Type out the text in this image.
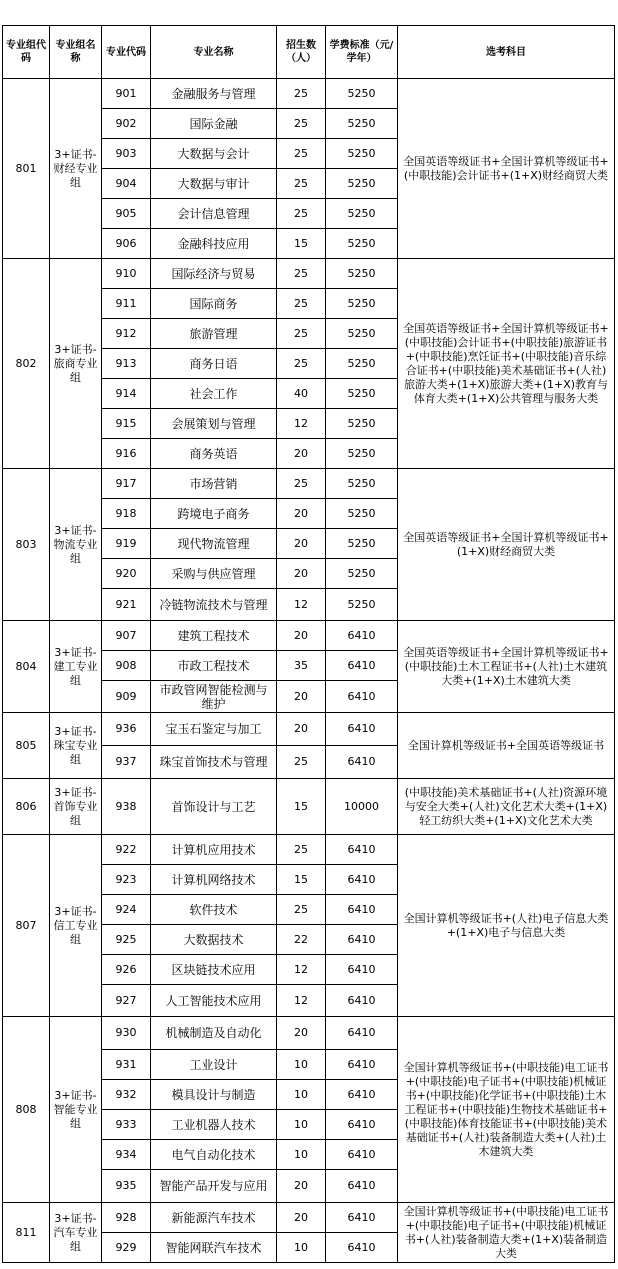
专业组代码	专业组名称	专业代码	专业名称	招生数（人）	学费标准（元/学年）	选考科目
801	3+证书-财经专业组	901	金融服务与管理	25	5250	全国英语等级证书+全国计算机等级证书+(中职技能)会计证书+(1+X)财经商贸大类
		902	国际金融	25	5250	
		903	大数据与会计	25	5250	
		904	大数据与审计	25	5250	
		905	会计信息管理	25	5250	
		906	金融科技应用	15	5250	
802	3+证书-旅商专业组	910	国际经济与贸易	25	5250	全国英语等级证书+全国计算机等级证书+(中职技能)会计证书+(中职技能)旅游证书+(中职技能)烹饪证书+(中职技能)音乐综合证书+(中职技能)美术基础证书+(人社)旅游大类+(1+X)旅游大类+(1+X)教育与体育大类+(1+X)公共管理与服务大类
		911	国际商务	25	5250	
		912	旅游管理	25	5250	
		913	商务日语	25	5250	
		914	社会工作	40	5250	
		915	会展策划与管理	12	5250	
		916	商务英语	20	5250	
803	3+证书-物流专业组	917	市场营销	25	5250	全国英语等级证书+全国计算机等级证书+(1+X)财经商贸大类
		918	跨境电子商务	20	5250	
		919	现代物流管理	20	5250	
		920	采购与供应管理	20	5250	
		921	冷链物流技术与管理	12	5250	
804	3+证书-建工专业组	907	建筑工程技术	20	6410	全国英语等级证书+全国计算机等级证书+(中职技能)土木工程证书+(人社)土木建筑大类+(1+X)土木建筑大类
		908	市政工程技术	35	6410	
		909	市政管网智能检测与维护	20	6410	
805	3+证书-珠宝专业组	936	宝玉石鉴定与加工	20	6410	全国计算机等级证书+全国英语等级证书
		937	珠宝首饰技术与管理	25	6410	
806	3+证书-首饰专业组	938	首饰设计与工艺	15	10000	(中职技能)美术基础证书+(人社)资源环境与安全大类+(人社)文化艺术大类+(1+X)轻工纺织大类+(1+X)文化艺术大类
807	3+证书-信工专业组	922	计算机应用技术	25	6410	全国计算机等级证书+(人社)电子信息大类+(1+X)电子与信息大类
		923	计算机网络技术	15	6410	
		924	软件技术	25	6410	
		925	大数据技术	22	6410	
		926	区块链技术应用	12	6410	
		927	人工智能技术应用	12	6410	
808	3+证书-智能专业组	930	机械制造及自动化	20	6410	全国计算机等级证书+(中职技能)电工证书+(中职技能)电子证书+(中职技能)机械证书+(中职技能)化学证书+(中职技能)土木工程证书+(中职技能)生物技术基础证书+(中职技能)体育技能证书+(中职技能)美术基础证书+(人社)装备制造大类+(人社)土木建筑大类
		931	工业设计	10	6410	
		932	模具设计与制造	10	6410	
		933	工业机器人技术	10	6410	
		934	电气自动化技术	10	6410	
		935	智能产品开发与应用	20	6410	
811	3+证书-汽车专业组	928	新能源汽车技术	20	6410	全国计算机等级证书+(中职技能)电工证书+(中职技能)电子证书+(中职技能)机械证书+(人社)装备制造大类+(1+X)装备制造大类
		929	智能网联汽车技术	10	6410	
